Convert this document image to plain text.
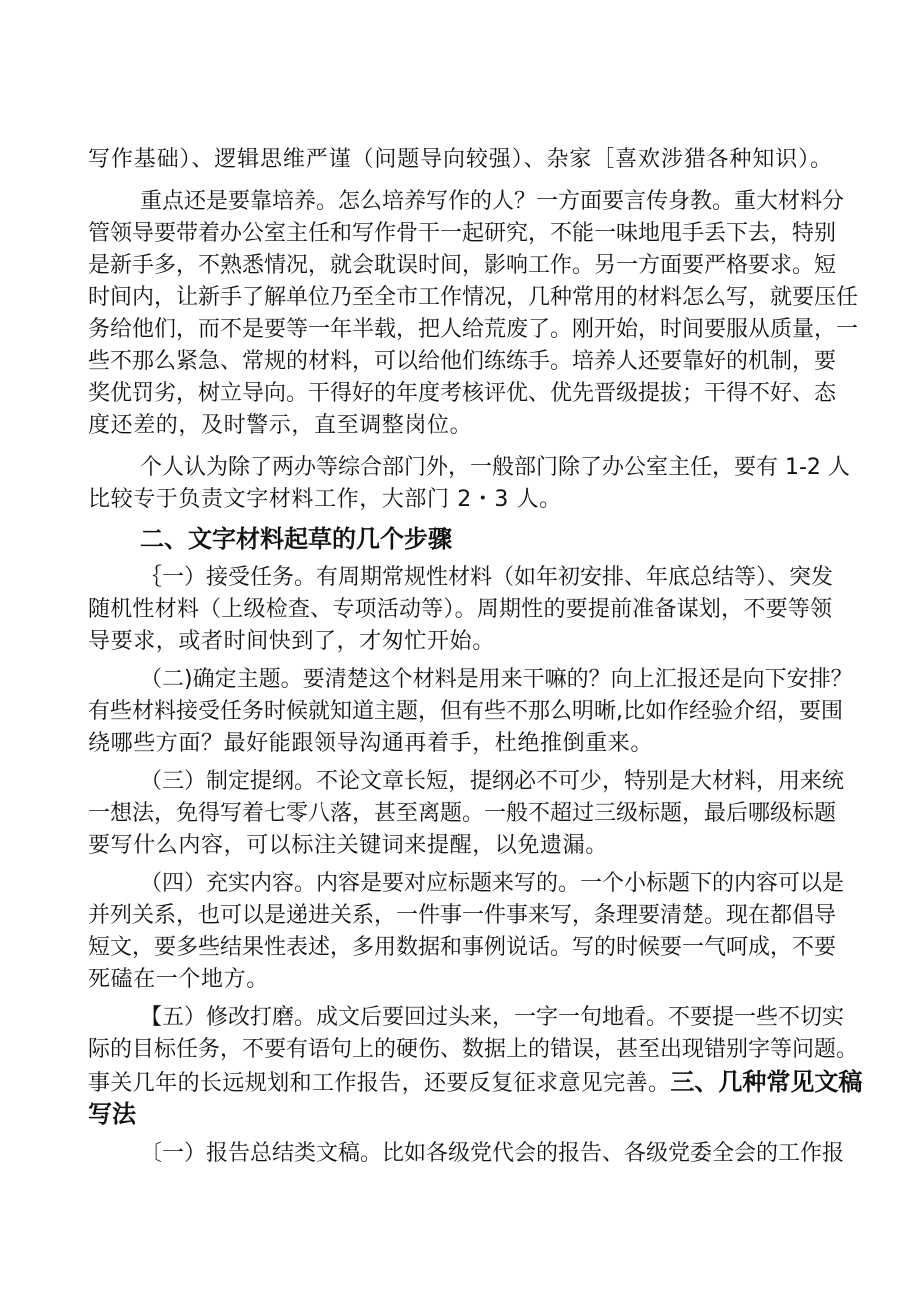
写作基础）、逻辑思维严谨（问题导向较强）、杂家［喜欢涉猎各种知识）。
重点还是要靠培养。怎么培养写作的人？一方面要言传身教。重大材料分
管领导要带着办公室主任和写作骨干一起研究，不能一味地甩手丢下去，特别
是新手多，不熟悉情况，就会耽误时间，影响工作。另一方面要严格要求。短
时间内，让新手了解单位乃至全市工作情况，几种常用的材料怎么写，就要压任
务给他们，而不是要等一年半载，把人给荒废了。刚开始，时间要服从质量，一
些不那么紧急、常规的材料，可以给他们练练手。培养人还要靠好的机制，要
奖优罚劣，树立导向。干得好的年度考核评优、优先晋级提拔；干得不好、态
度还差的，及时警示，直至调整岗位。
个人认为除了两办等综合部门外，一般部门除了办公室主任，要有 1-2 人
比较专于负责文字材料工作，大部门 2・3 人。
二、文字材料起草的几个步骤
｛一）接受任务。有周期常规性材料（如年初安排、年底总结等）、突发
随机性材料（上级检查、专项活动等）。周期性的要提前准备谋划，不要等领
导要求，或者时间快到了，才匆忙开始。
（二)确定主题。要清楚这个材料是用来干嘛的？向上汇报还是向下安排？
有些材料接受任务时候就知道主题，但有些不那么明晰,比如作经验介绍，要围
绕哪些方面？最好能跟领导沟通再着手，杜绝推倒重来。
（三）制定提纲。不论文章长短，提纲必不可少，特别是大材料，用来统
一想法，免得写着七零八落，甚至离题。一般不超过三级标题，最后哪级标题
要写什么内容，可以标注关键词来提醒，以免遗漏。
（四）充实内容。内容是要对应标题来写的。一个小标题下的内容可以是
并列关系，也可以是递进关系，一件事一件事来写，条理要清楚。现在都倡导
短文，要多些结果性表述，多用数据和事例说话。写的时候要一气呵成，不要
死磕在一个地方。
【五）修改打磨。成文后要回过头来，一字一句地看。不要提一些不切实
际的目标任务，不要有语句上的硬伤、数据上的错误，甚至出现错别字等问题。
事关几年的长远规划和工作报告，还要反复征求意见完善。三、几种常见文稿
写法
〔一）报告总结类文稿。比如各级党代会的报告、各级党委全会的工作报
